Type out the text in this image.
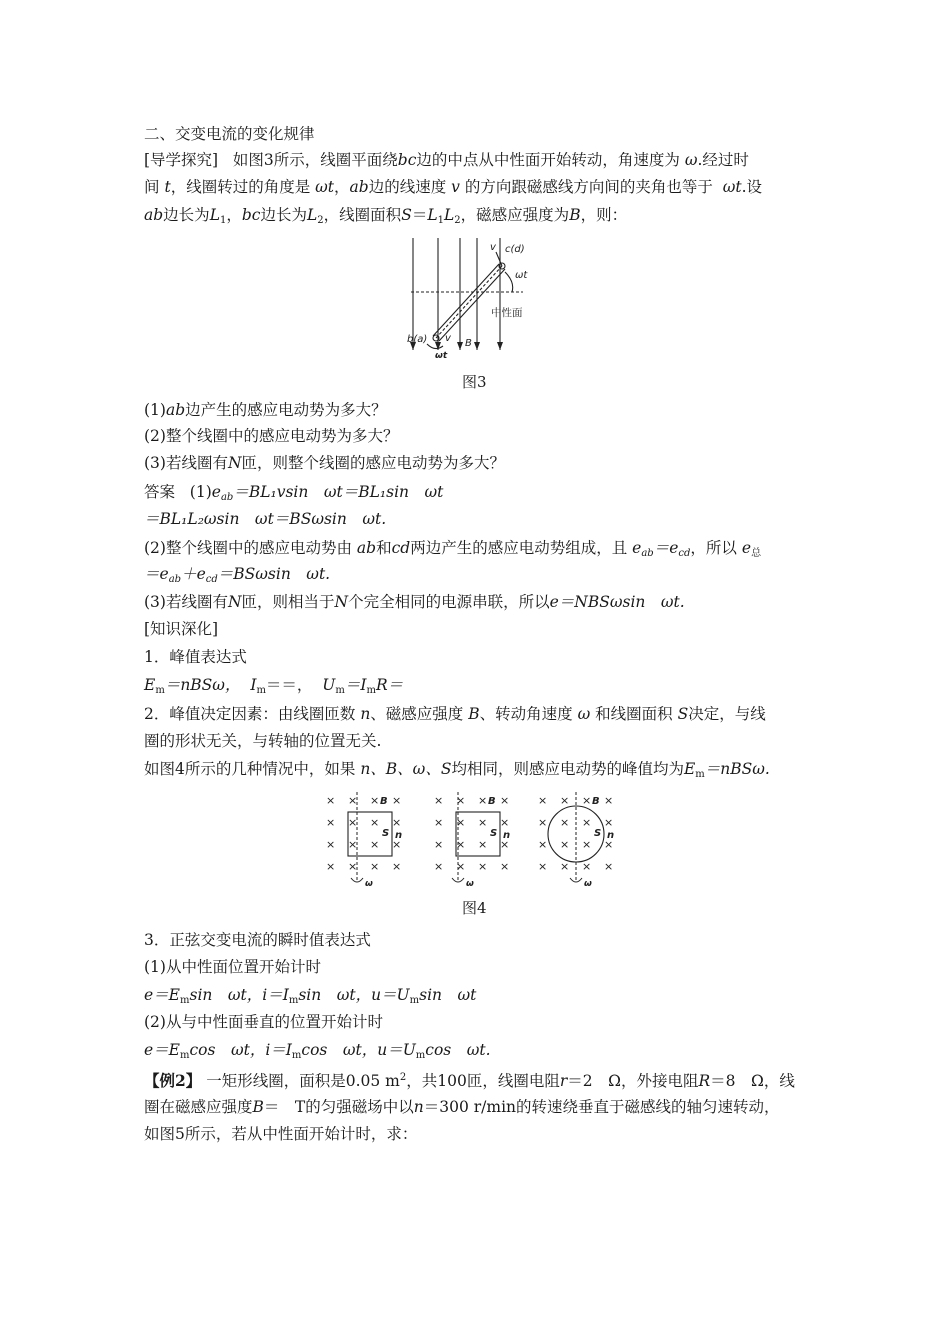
二、交变电流的变化规律
[导学探究] 如图3所示，线圈平面绕bc边的中点从中性面开始转动，角速度为 ω.经过时
间 t，线圈转过的角度是 ωt，ab边的线速度 v 的方向跟磁感线方向间的夹角也等于 ωt.设
ab边长为$L_1$，bc边长为$L_2$，线圈面积$S=L_1L_2$，磁感应强度为B，则：
c(d)
v
ωt
中性面
b(a) v
ωt
B
图3
(1)ab边产生的感应电动势为多大？
(2)整个线圈中的感应电动势为多大？
(3)若线圈有N匝，则整个线圈的感应电动势为多大？
答案 $(1)e_{ab}=BL_1vsin$　ωt＝BL₁sin　ωt
＝BL₁L₂ωsin　ωt＝BSωsin　ωt.
(2)整个线圈中的感应电动势由 ab和cd两边产生的感应电动势组成，且 $e_{ab}=e_{cd}$，所以 $e_总$
$=e_{ab}+e_{cd}=BS\omega\sin$　ωt.
(3)若线圈有N匝，则相当于N个完全相同的电源串联，所以e＝NBSωsin　ωt.
[知识深化]
1．峰值表达式
$E_m=nBS\omega$， $I_m==$， $U_m=I_mR=$
2．峰值决定因素：由线圈匝数 n、磁感应强度 B、转动角速度 ω 和线圈面积 S决定，与线
圈的形状无关，与转轴的位置无关.
如图4所示的几种情况中，如果 n、B、ω、S均相同，则感应电动势的峰值均为$E_m=nBS\omega$.
× × × ×
× × × ×
× × × ×
× × × ×
ω
B
S n
× × × ×
× × × ×
× × × ×
× × × ×
ω
B
S n
× × × ×
× × × ×
× × × ×
× × × ×
ω
B
S n
图4
3．正弦交变电流的瞬时值表达式
(1)从中性面位置开始计时
$e=E_m\sin$　ωt，$i=I_m\sin$　ωt，$u=U_m\sin$　ωt
(2)从与中性面垂直的位置开始计时
$e=E_m\cos$　ωt，$i=I_m\cos$　ωt，$u=U_m\cos$　ωt.
【例2】 一矩形线圈，面积是0.05 $m^2$，共100匝，线圈电阻r＝2　Ω，外接电阻R＝8　Ω，线
圈在磁感应强度B＝　T的匀强磁场中以n＝300 r/min的转速绕垂直于磁感线的轴匀速转动，
如图5所示，若从中性面开始计时，求：
